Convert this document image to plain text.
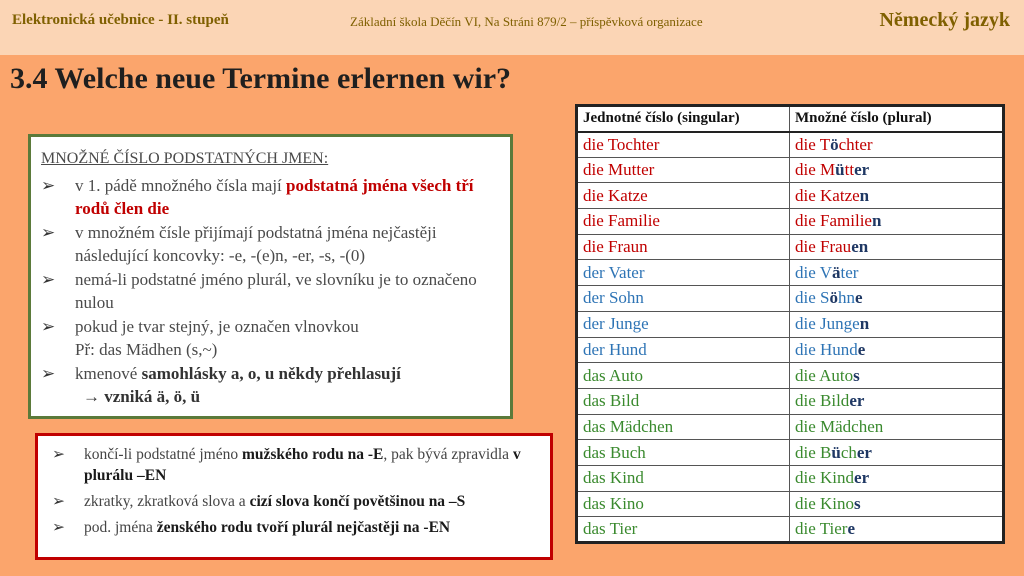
Elektronická učebnice - II. stupeň	Základní škola Děčín VI, Na Stráni 879/2 – příspěvková organizace	Německý jazyk
3.4 Welche neue Termine erlernen wir?
MNOŽNÉ ČÍSLO PODSTATNÝCH JMEN:
➢ v 1. pádě množného čísla mají podstatná jména všech tří rodů člen die
➢ v množném čísle přijímají podstatná jména nejčastěji následující koncovky: -e, -(e)n, -er, -s, -(0)
➢ nemá-li podstatné jméno plurál, ve slovníku je to označeno nulou
➢ pokud je tvar stejný, je označen vlnovkou
Př: das Mädhen (s,~)
➢ kmenové samohlásky a, o, u někdy přehlasují
→ vzniká ä, ö, ü
➢ končí-li podstatné jméno mužského rodu na -E, pak bývá zpravidla v plurálu –EN
➢ zkratky, zkratková slova a cizí slova končí povětšinou na –S
➢ pod. jména ženského rodu tvoří plurál nejčastěji na -EN
Jednotné číslo (singular)	Množné číslo (plural)
die Tochter	die Töchter
die Mutter	die Mütter
die Katze	die Katzen
die Familie	die Familien
die Fraun	die Frauen
der Vater	die Väter
der Sohn	die Söhne
der Junge	die Jungen
der Hund	die Hunde
das Auto	die Autos
das Bild	die Bilder
das Mädchen	die Mädchen
das Buch	die Bücher
das Kind	die Kinder
das Kino	die Kinos
das Tier	die Tiere
